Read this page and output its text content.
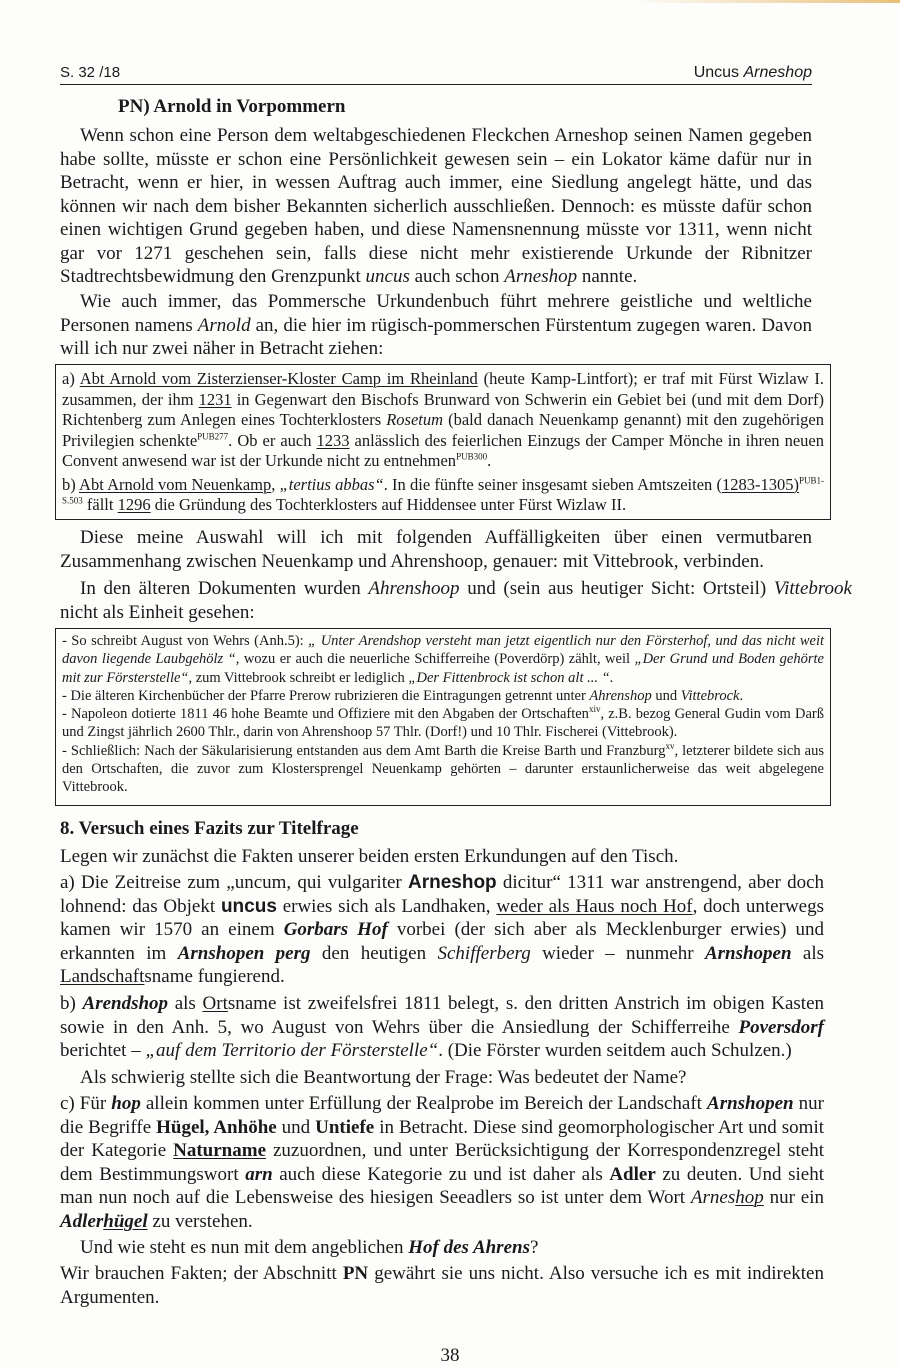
S. 32 /18	Uncus Arneshop
PN) Arnold in Vorpommern

Wenn schon eine Person dem weltabgeschiedenen Fleckchen Arneshop seinen Namen gegeben habe sollte, müsste er schon eine Persönlichkeit gewesen sein – ein Lokator käme dafür nur in Betracht, wenn er hier, in wessen Auftrag auch immer, eine Siedlung angelegt hätte, und das können wir nach dem bisher Bekannten sicherlich ausschließen. Dennoch: es müsste dafür schon einen wichtigen Grund gegeben haben, und diese Namensnennung müsste vor 1311, wenn nicht gar vor 1271 geschehen sein, falls diese nicht mehr existierende Urkunde der Ribnitzer Stadtrechtsbewidmung den Grenzpunkt uncus auch schon Arneshop nannte.

Wie auch immer, das Pommersche Urkundenbuch führt mehrere geistliche und weltliche Personen namens Arnold an, die hier im rügisch-pommerschen Fürstentum zugegen waren. Davon will ich nur zwei näher in Betracht ziehen:

a) Abt Arnold vom Zisterzienser-Kloster Camp im Rheinland (heute Kamp-Lintfort); er traf mit Fürst Wizlaw I. zusammen, der ihm 1231 in Gegenwart den Bischofs Brunward von Schwerin ein Gebiet bei (und mit dem Dorf) Richtenberg zum Anlegen eines Tochterklosters Rosetum (bald danach Neuenkamp genannt) mit den zugehörigen Privilegien schenkte$^{PUB277}$. Ob er auch 1233 anlässlich des feierlichen Einzugs der Camper Mönche in ihren neuen Convent anwesend war ist der Urkunde nicht zu entnehmen$^{PUB300}$.

b) Abt Arnold vom Neuenkamp, „tertius abbas“. In die fünfte seiner insgesamt sieben Amtszeiten (1283-1305)$^{PUB1-S.503}$ fällt 1296 die Gründung des Tochterklosters auf Hiddensee unter Fürst Wizlaw II.

Diese meine Auswahl will ich mit folgenden Auffälligkeiten über einen vermutbaren Zusammenhang zwischen Neuenkamp und Ahrenshoop, genauer: mit Vittebrook, verbinden.

In den älteren Dokumenten wurden Ahrenshoop und (sein aus heutiger Sicht: Ortsteil) Vittebrook nicht als Einheit gesehen:

- So schreibt August von Wehrs (Anh.5): „ Unter Arendshop versteht man jetzt eigentlich nur den Försterhof, und das nicht weit davon liegende Laubgehölz “, wozu er auch die neuerliche Schifferreihe (Poverdörp) zählt, weil „Der Grund und Boden gehörte mit zur Försterstelle“, zum Vittebrook schreibt er lediglich „Der Fittenbrock ist schon alt ... “.

- Die älteren Kirchenbücher der Pfarre Prerow rubrizieren die Eintragungen getrennt unter Ahrenshop und Vittebrock.

- Napoleon dotierte 1811 46 hohe Beamte und Offiziere mit den Abgaben der Ortschaften$^{xiv}$, z.B. bezog General Gudin vom Darß und Zingst jährlich 2600 Thlr., darin von Ahrenshoop 57 Thlr. (Dorf!) und 10 Thlr. Fischerei (Vittebrook).

- Schließlich: Nach der Säkularisierung entstanden aus dem Amt Barth die Kreise Barth und Franzburg$^{xv}$, letzterer bildete sich aus den Ortschaften, die zuvor zum Klostersprengel Neuenkamp gehörten – darunter erstaunlicherweise das weit abgelegene Vittebrook.

8. Versuch eines Fazits zur Titelfrage

Legen wir zunächst die Fakten unserer beiden ersten Erkundungen auf den Tisch.

a) Die Zeitreise zum „uncum, qui vulgariter Arneshop dicitur“ 1311 war anstrengend, aber doch lohnend: das Objekt uncus erwies sich als Landhaken, weder als Haus noch Hof, doch unterwegs kamen wir 1570 an einem Gorbars Hof vorbei (der sich aber als Mecklenburger erwies) und erkannten im Arnshopen perg den heutigen Schifferberg wieder – nunmehr Arnshopen als Landschaftsname fungierend.

b) Arendshop als Ortsname ist zweifelsfrei 1811 belegt, s. den dritten Anstrich im obigen Kasten sowie in den Anh. 5, wo August von Wehrs über die Ansiedlung der Schifferreihe Poversdorf berichtet – „auf dem Territorio der Försterstelle“. (Die Förster wurden seitdem auch Schulzen.)

Als schwierig stellte sich die Beantwortung der Frage: Was bedeutet der Name?

c) Für hop allein kommen unter Erfüllung der Realprobe im Bereich der Landschaft Arnshopen nur die Begriffe Hügel, Anhöhe und Untiefe in Betracht. Diese sind geomorphologischer Art und somit der Kategorie Naturname zuzuordnen, und unter Berücksichtigung der Korrespondenzregel steht dem Bestimmungswort arn auch diese Kategorie zu und ist daher als Adler zu deuten. Und sieht man nun noch auf die Lebensweise des hiesigen Seeadlers so ist unter dem Wort Arneshop nur ein Adlerhügel zu verstehen.

Und wie steht es nun mit dem angeblichen Hof des Ahrens?

Wir brauchen Fakten; der Abschnitt PN gewährt sie uns nicht. Also versuche ich es mit indirekten Argumenten.

38
